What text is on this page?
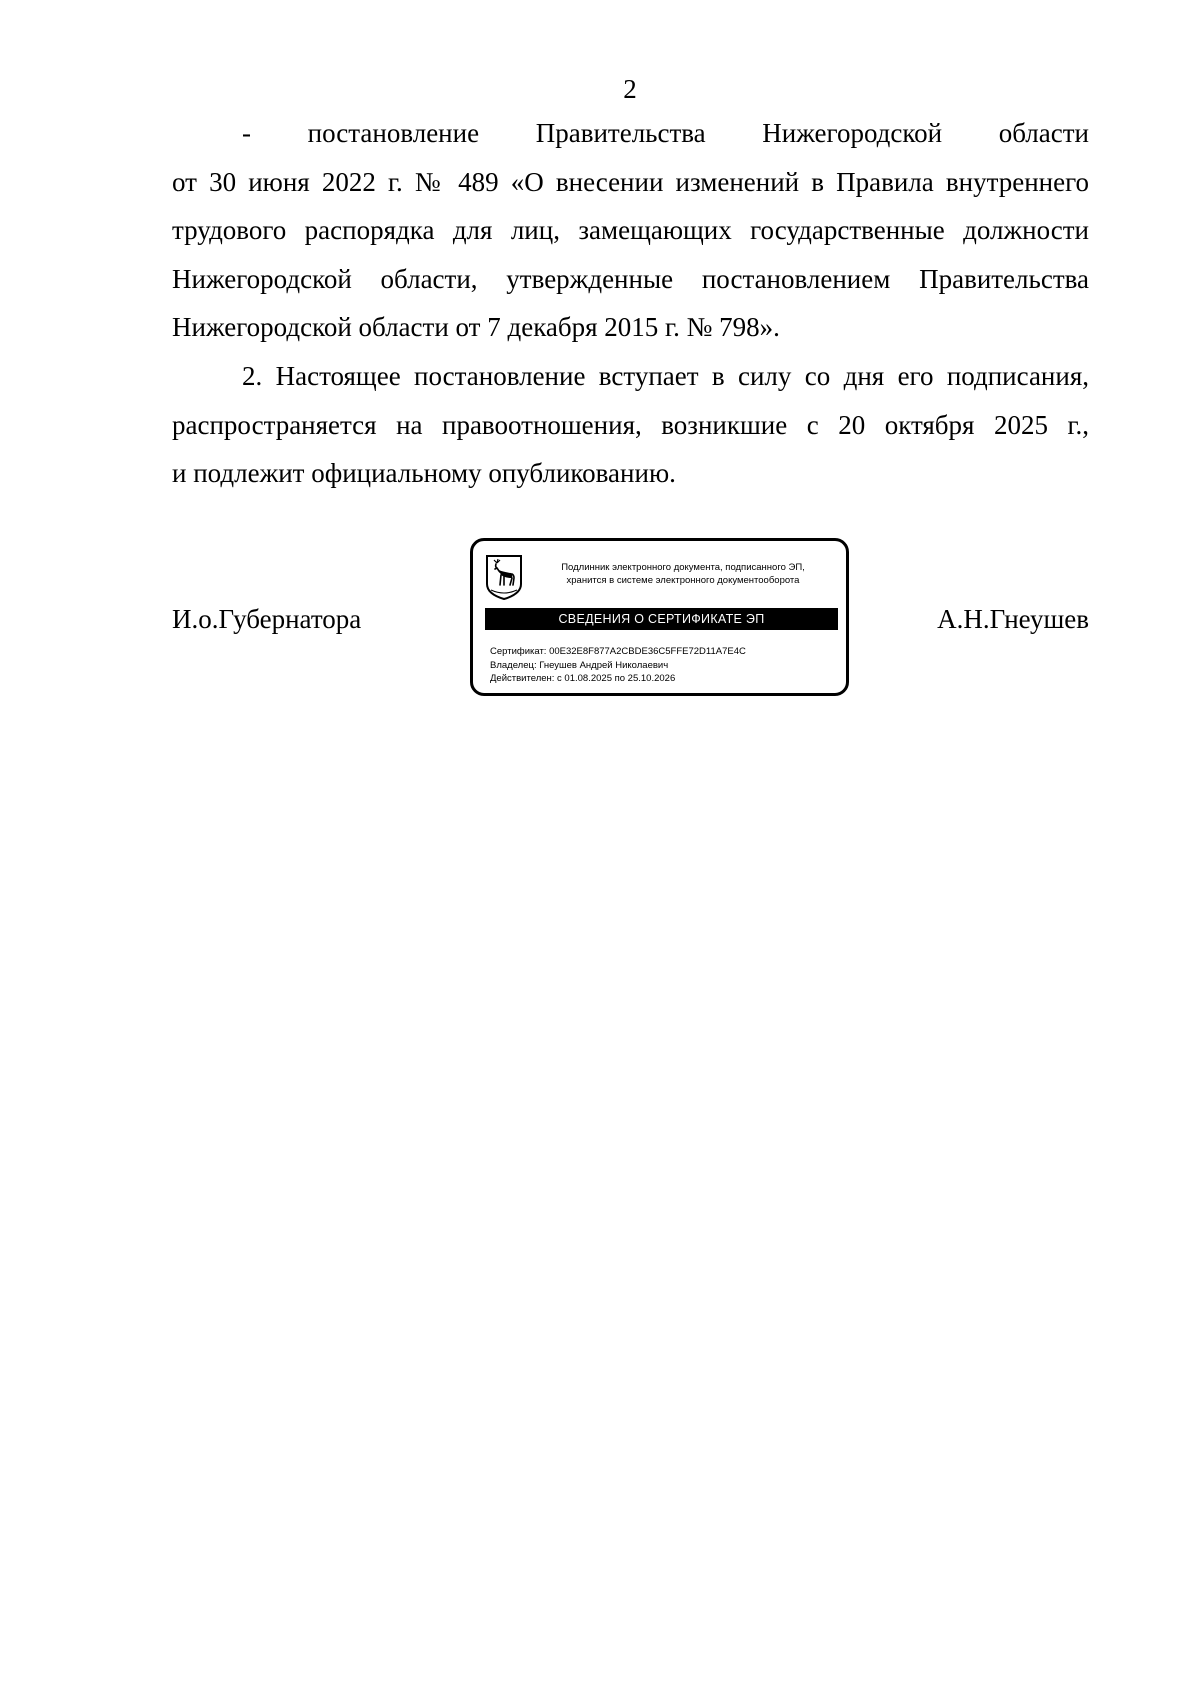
2
- постановление Правительства Нижегородской области
от 30 июня 2022 г. № 489 «О внесении изменений в Правила внутреннего
трудового распорядка для лиц, замещающих государственные должности
Нижегородской области, утвержденные постановлением Правительства

Нижегородской области от 7 декабря 2015 г. № 798».
2. Настоящее постановление вступает в силу со дня его подписания,
распространяется на правоотношения, возникшие с 20 октября 2025 г.,

и подлежит официальному опубликованию.
И.о.Губернатора	А.Н.Гнеушев
Подлинник электронного документа, подписанного ЭП,
хранится в системе электронного документооборота
СВЕДЕНИЯ О СЕРТИФИКАТЕ ЭП
Сертификат: 00E32E8F877A2CBDE36C5FFE72D11A7E4C
Владелец: Гнеушев Андрей Николаевич
Действителен: с 01.08.2025 по 25.10.2026
